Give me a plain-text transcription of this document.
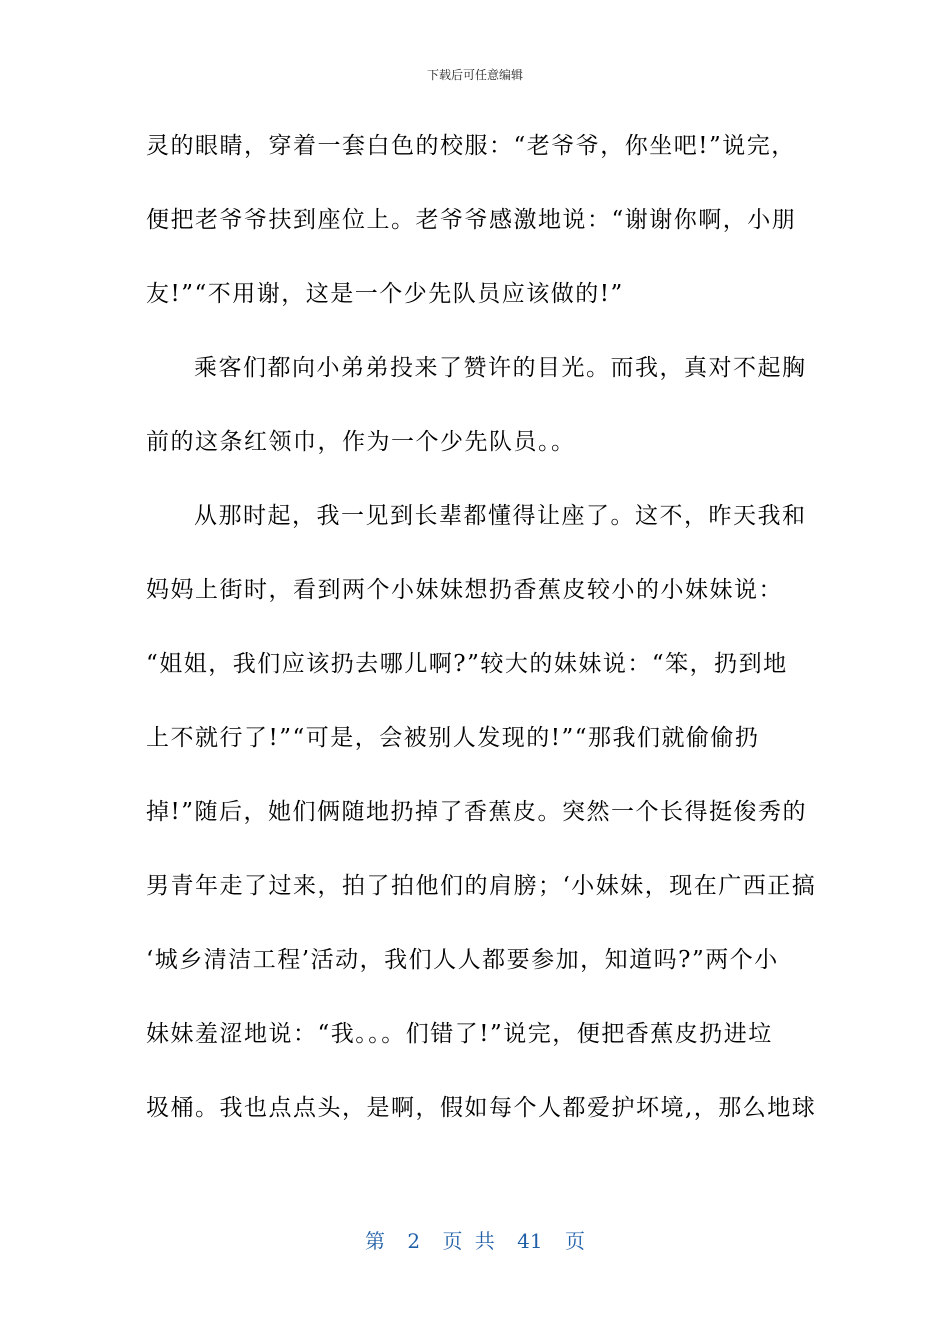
下载后可任意编辑
灵的眼睛，穿着一套白色的校服：“老爷爷，你坐吧!”说完，
便把老爷爷扶到座位上。老爷爷感激地说：“谢谢你啊，小朋
友!”“不用谢，这是一个少先队员应该做的!”
乘客们都向小弟弟投来了赞许的目光。而我，真对不起胸
前的这条红领巾，作为一个少先队员。。
从那时起，我一见到长辈都懂得让座了。这不，昨天我和
妈妈上街时，看到两个小妹妹想扔香蕉皮较小的小妹妹说：
“姐姐，我们应该扔去哪儿啊?”较大的妹妹说：“笨，扔到地
上不就行了!”“可是，会被别人发现的!”“那我们就偷偷扔
掉!”随后，她们俩随地扔掉了香蕉皮。突然一个长得挺俊秀的
男青年走了过来，拍了拍他们的肩膀；‘小妹妹，现在广西正搞
‘城乡清洁工程’活动，我们人人都要参加，知道吗?”两个小
妹妹羞涩地说：“我。。。们错了!”说完，便把香蕉皮扔进垃
圾桶。我也点点头，是啊，假如每个人都爱护坏境,，那么地球
第 2 页 共 41 页
